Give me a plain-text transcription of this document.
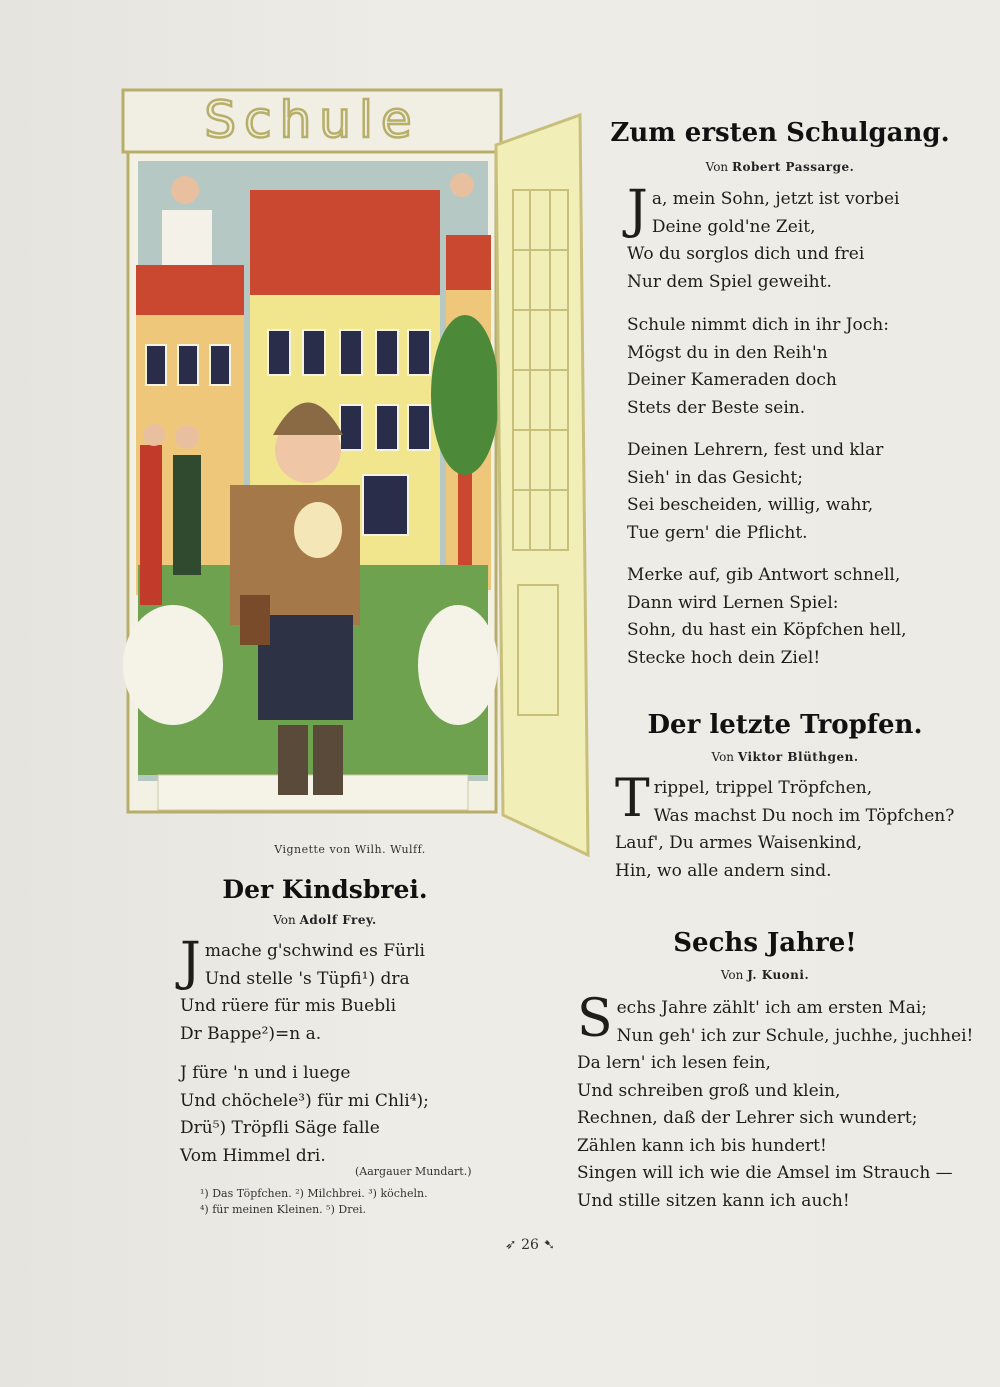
Schule
Vignette von Wilh. Wulff.
Zum ersten Schulgang.
Von Robert Passarge.
J a, mein Sohn, jetzt ist vorbei
Deine gold'ne Zeit,
Wo du sorglos dich und frei
Nur dem Spiel geweiht.
Schule nimmt dich in ihr Joch:
Mögst du in den Reih'n
Deiner Kameraden doch
Stets der Beste sein.
Deinen Lehrern, fest und klar
Sieh' in das Gesicht;
Sei bescheiden, willig, wahr,
Tue gern' die Pflicht.
Merke auf, gib Antwort schnell,
Dann wird Lernen Spiel:
Sohn, du hast ein Köpfchen hell,
Stecke hoch dein Ziel!
Der letzte Tropfen.
Von Viktor Blüthgen.
T rippel, trippel Tröpfchen,
Was machst Du noch im Töpfchen?
Lauf', Du armes Waisenkind,
Hin, wo alle andern sind.
Der Kindsbrei.
Von Adolf Frey.
J mache g'schwind es Fürli
Und stelle 's Tüpfi¹) dra
Und rüere für mis Buebli
Dr Bappe²)=n a.
J füre 'n und i luege
Und chöchele³) für mi Chli⁴);
Drü⁵) Tröpfli Säge falle
Vom Himmel dri.
(Aargauer Mundart.)
¹) Das Töpfchen. ²) Milchbrei. ³) köcheln.
⁴) für meinen Kleinen. ⁵) Drei.
Sechs Jahre!
Von J. Kuoni.
S echs Jahre zählt' ich am ersten Mai;
Nun geh' ich zur Schule, juchhe, juchhei!
Da lern' ich lesen fein,
Und schreiben groß und klein,
Rechnen, daß der Lehrer sich wundert;
Zählen kann ich bis hundert!
Singen will ich wie die Amsel im Strauch —
Und stille sitzen kann ich auch!
➶ 26 ➷
